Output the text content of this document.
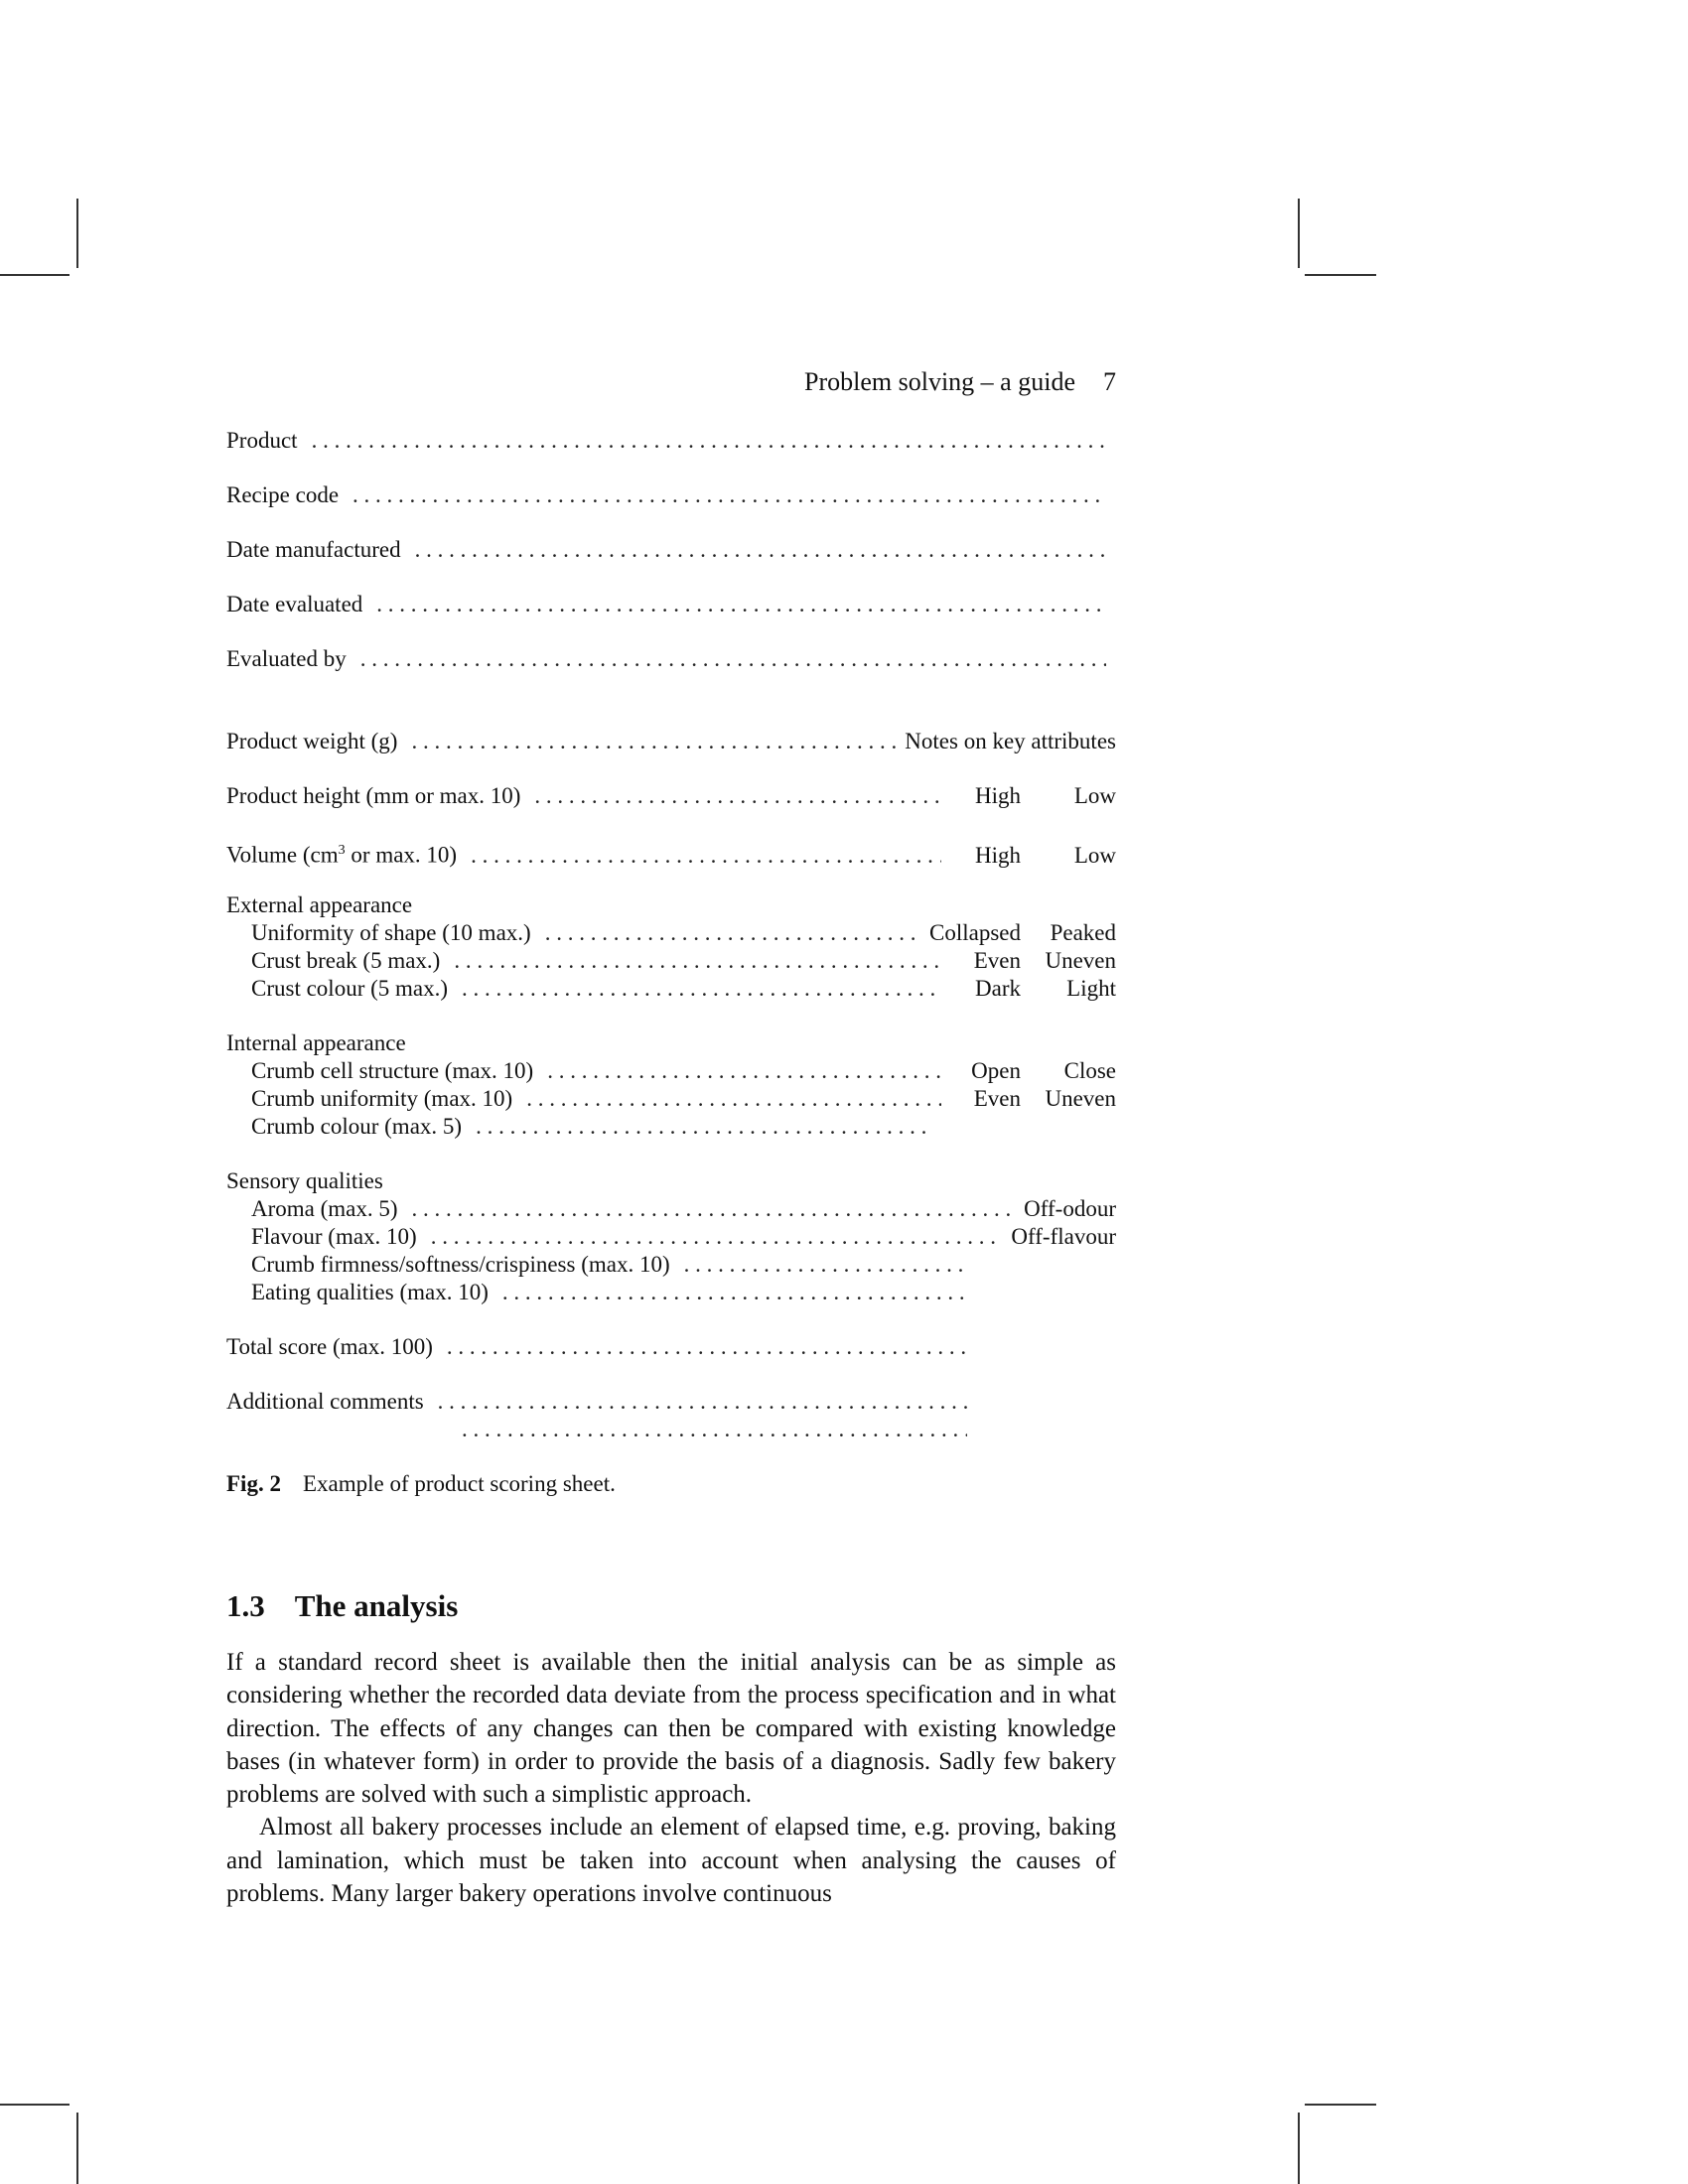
Problem solving – a guide 7
Product
. . .
Recipe code
. . .
Date manufactured
. . .
Date evaluated
. . .
Evaluated by
. . .
Product weight (g) . . .	Notes on key attributes
Product height (mm or max. 10) . . .	High	Low
Volume ($cm^3$ or max. 10) . . .	High	Low
External appearance
Uniformity of shape (10 max.) . . .	Collapsed	Peaked
Crust break (5 max.) . . .	Even	Uneven
Crust colour (5 max.) . . .	Dark	Light
Internal appearance
Crumb cell structure (max. 10) . . .	Open	Close
Crumb uniformity (max. 10) . . .	Even	Uneven
Crumb colour (max. 5)
. . .
Sensory qualities
Aroma (max. 5) . . .	Off-odour
Flavour (max. 10) . . .	Off-flavour
Crumb firmness/softness/crispiness (max. 10)
. . .
Eating qualities (max. 10)
. . .
Total score (max. 100)
. . .
Additional comments
. . .
. . .
Fig. 2 Example of product scoring sheet.
1.3 The analysis

If a standard record sheet is available then the initial analysis can be as simple as considering whether the recorded data deviate from the process specification and in what direction. The effects of any changes can then be compared with existing knowledge bases (in whatever form) in order to provide the basis of a diagnosis. Sadly few bakery problems are solved with such a simplistic approach.

Almost all bakery processes include an element of elapsed time, e.g. proving, baking and lamination, which must be taken into account when analysing the causes of problems. Many larger bakery operations involve continuous
